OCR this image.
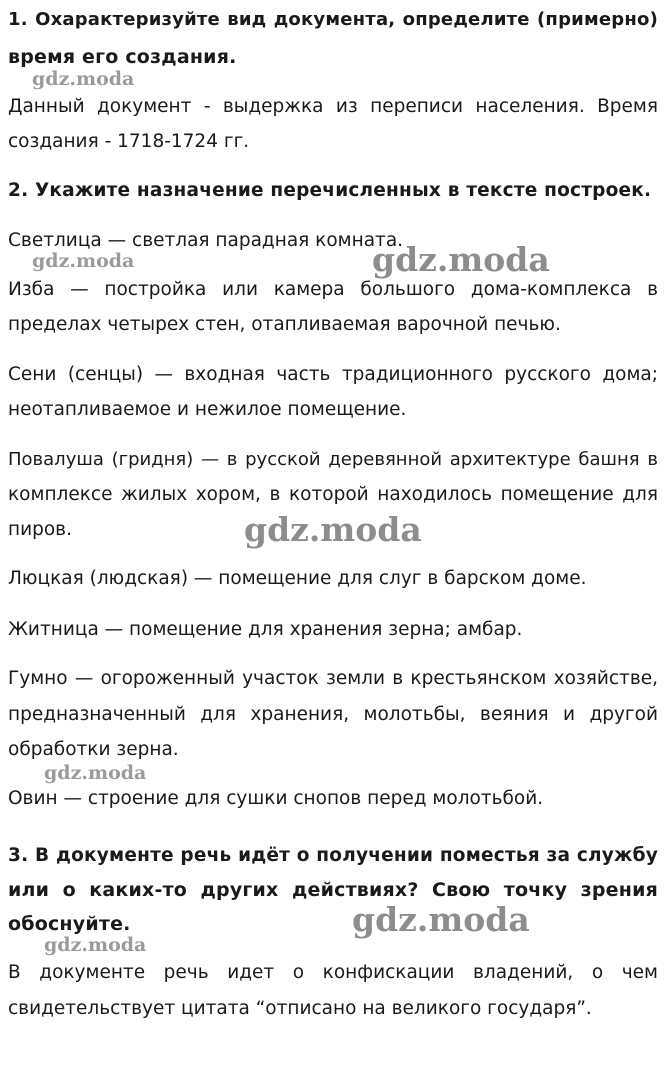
1. Охарактеризуйте вид документа, определите (примерно)

время его создания.

Данный документ - выдержка из переписи населения. Время

создания - 1718-1724 гг.

2. Укажите назначение перечисленных в тексте построек.

Светлица — светлая парадная комната.

Изба — постройка или камера большого дома-комплекса в

пределах четырех стен, отапливаемая варочной печью.

Сени (сенцы) — входная часть традиционного русского дома;

неотапливаемое и нежилое помещение.

Повалуша (гридня) — в русской деревянной архитектуре башня в

комплексе жилых хором, в которой находилось помещение для

пиров.

Люцкая (людская) — помещение для слуг в барском доме.

Житница — помещение для хранения зерна; амбар.

Гумно — огороженный участок земли в крестьянском хозяйстве,

предназначенный для хранения, молотьбы, веяния и другой

обработки зерна.

Овин — строение для сушки снопов перед молотьбой.

3. В документе речь идёт о получении поместья за службу

или о каких-то других действиях? Свою точку зрения

обоснуйте.

В документе речь идет о конфискации владений, о чем

свидетельствует цитата “отписано на великого государя”.

gdz.moda
gdz.moda	gdz.moda
gdz.moda
gdz.moda
gdz.moda
gdz.moda
